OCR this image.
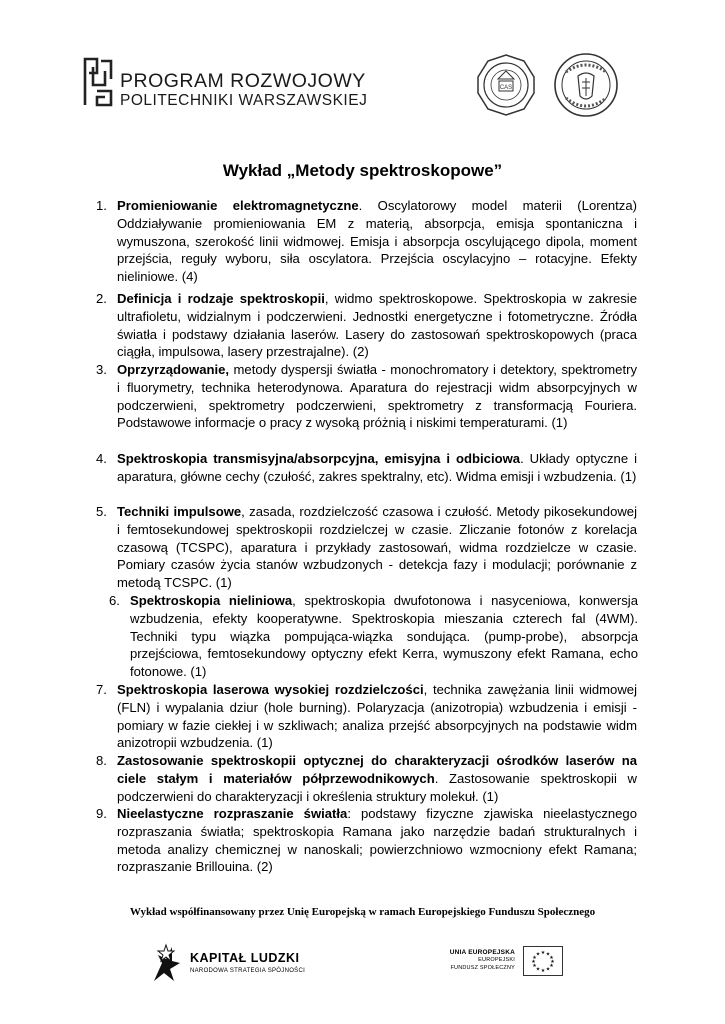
PROGRAM ROZWOJOWY
POLITECHNIKI WARSZAWSKIEJ
CAS
Wykład „Metody spektroskopowe”
1. Promieniowanie elektromagnetyczne. Oscylatorowy model materii (Lorentza) Oddziaływanie promieniowania EM z materią, absorpcja, emisja spontaniczna i wymuszona, szerokość linii widmowej. Emisja i absorpcja oscylującego dipola, moment przejścia, reguły wyboru, siła oscylatora. Przejścia oscylacyjno – rotacyjne. Efekty nieliniowe. (4)
2. Definicja i rodzaje spektroskopii, widmo spektroskopowe. Spektroskopia w zakresie ultrafioletu, widzialnym i podczerwieni. Jednostki energetyczne i fotometryczne. Źródła światła i podstawy działania laserów. Lasery do zastosowań spektroskopowych (praca ciągła, impulsowa, lasery przestrajalne). (2)
3. Oprzyrządowanie, metody dyspersji światła - monochromatory i detektory, spektrometry i fluorymetry, technika heterodynowa. Aparatura do rejestracji widm absorpcyjnych w podczerwieni, spektrometry podczerwieni, spektrometry z transformacją Fouriera. Podstawowe informacje o pracy z wysoką próżnią i niskimi temperaturami. (1)
4. Spektroskopia transmisyjna/absorpcyjna, emisyjna i odbiciowa. Układy optyczne i aparatura, główne cechy (czułość, zakres spektralny, etc). Widma emisji i wzbudzenia. (1)
5. Techniki impulsowe, zasada, rozdzielczość czasowa i czułość. Metody pikosekundowej i femtosekundowej spektroskopii rozdzielczej w czasie. Zliczanie fotonów z korelacja czasową (TCSPC), aparatura i przykłady zastosowań, widma rozdzielcze w czasie. Pomiary czasów życia stanów wzbudzonych - detekcja fazy i modulacji; porównanie z metodą TCSPC. (1)
6. Spektroskopia nieliniowa, spektroskopia dwufotonowa i nasyceniowa, konwersja wzbudzenia, efekty kooperatywne. Spektroskopia mieszania czterech fal (4WM). Techniki typu wiązka pompująca-wiązka sondująca. (pump-probe), absorpcja przejściowa, femtosekundowy optyczny efekt Kerra, wymuszony efekt Ramana, echo fotonowe. (1)
7. Spektroskopia laserowa wysokiej rozdzielczości, technika zawężania linii widmowej (FLN) i wypalania dziur (hole burning). Polaryzacja (anizotropia) wzbudzenia i emisji - pomiary w fazie ciekłej i w szkliwach; analiza przejść absorpcyjnych na podstawie widm anizotropii wzbudzenia. (1)
8. Zastosowanie spektroskopii optycznej do charakteryzacji ośrodków laserów na ciele stałym i materiałów półprzewodnikowych. Zastosowanie spektroskopii w podczerwieni do charakteryzacji i określenia struktury molekuł. (1)
9. Nieelastyczne rozpraszanie światła: podstawy fizyczne zjawiska nieelastycznego rozpraszania światła; spektroskopia Ramana jako narzędzie badań strukturalnych i metoda analizy chemicznej w nanoskali; powierzchniowo wzmocniony efekt Ramana; rozpraszanie Brillouina. (2)
Wykład współfinansowany przez Unię Europejską w ramach Europejskiego Funduszu Społecznego
KAPITAŁ LUDZKI
NARODOWA STRATEGIA SPÓJNOŚCI
UNIA EUROPEJSKA
EUROPEJSKI
FUNDUSZ SPOŁECZNY
★ ★
★
★
★
★
★
★
★
★
★
★
